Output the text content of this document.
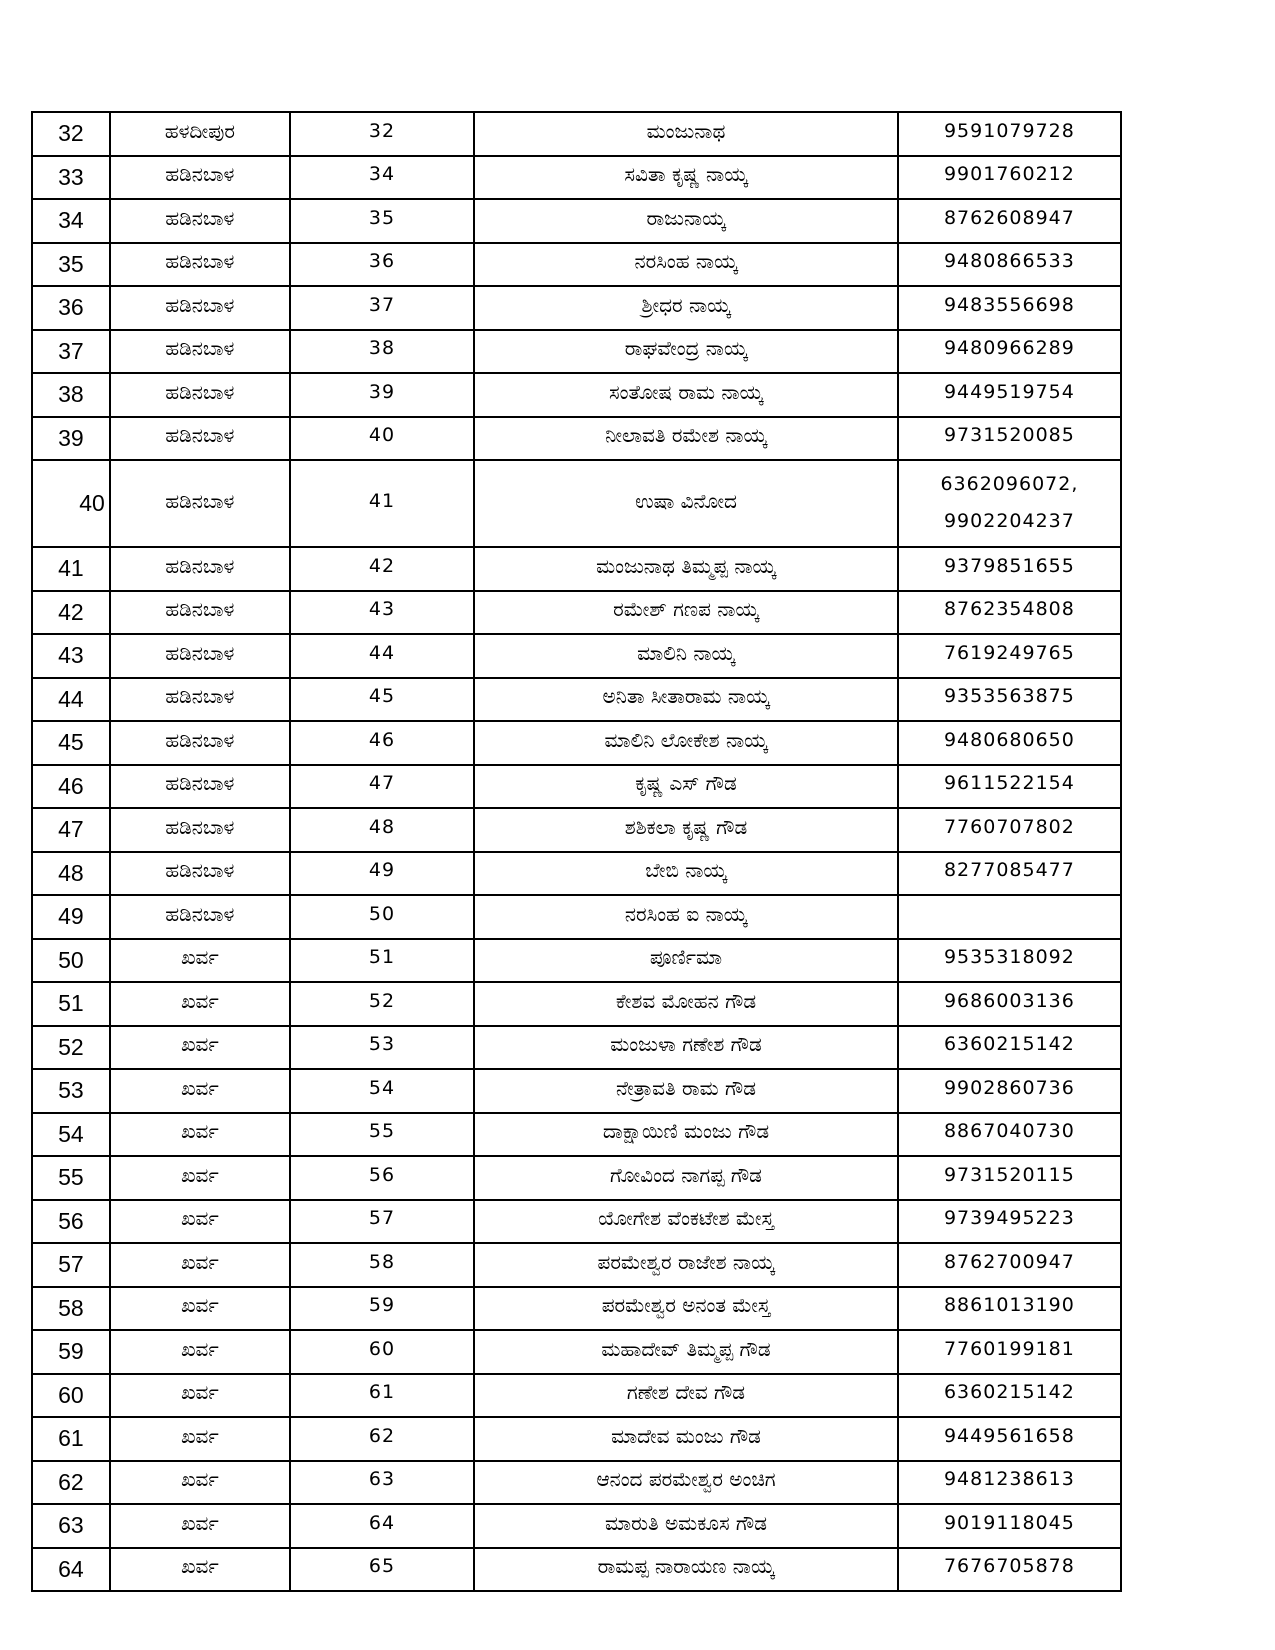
32	ಹಳದೀಪುರ	32	ಮಂಜುನಾಥ	9591079728
33	ಹಡಿನಬಾಳ	34	ಸವಿತಾ ಕೃಷ್ಣ ನಾಯ್ಕ	9901760212
34	ಹಡಿನಬಾಳ	35	ರಾಜುನಾಯ್ಕ	8762608947
35	ಹಡಿನಬಾಳ	36	ನರಸಿಂಹ ನಾಯ್ಕ	9480866533
36	ಹಡಿನಬಾಳ	37	ಶ್ರೀಧರ ನಾಯ್ಕ	9483556698
37	ಹಡಿನಬಾಳ	38	ರಾಘವೇಂದ್ರ ನಾಯ್ಕ	9480966289
38	ಹಡಿನಬಾಳ	39	ಸಂತೋಷ ರಾಮ ನಾಯ್ಕ	9449519754
39	ಹಡಿನಬಾಳ	40	ನೀಲಾವತಿ ರಮೇಶ ನಾಯ್ಕ	9731520085
40	ಹಡಿನಬಾಳ	41	ಉಷಾ ವಿನೋದ	6362096072,
9902204237
41	ಹಡಿನಬಾಳ	42	ಮಂಜುನಾಥ ತಿಮ್ಮಪ್ಪ ನಾಯ್ಕ	9379851655
42	ಹಡಿನಬಾಳ	43	ರಮೇಶ್ ಗಣಪ ನಾಯ್ಕ	8762354808
43	ಹಡಿನಬಾಳ	44	ಮಾಲಿನಿ ನಾಯ್ಕ	7619249765
44	ಹಡಿನಬಾಳ	45	ಅನಿತಾ ಸೀತಾರಾಮ ನಾಯ್ಕ	9353563875
45	ಹಡಿನಬಾಳ	46	ಮಾಲಿನಿ ಲೋಕೇಶ ನಾಯ್ಕ	9480680650
46	ಹಡಿನಬಾಳ	47	ಕೃಷ್ಣ ಎಸ್ ಗೌಡ	9611522154
47	ಹಡಿನಬಾಳ	48	ಶಶಿಕಲಾ ಕೃಷ್ಣ ಗೌಡ	7760707802
48	ಹಡಿನಬಾಳ	49	ಬೇಬಿ ನಾಯ್ಕ	8277085477
49	ಹಡಿನಬಾಳ	50	ನರಸಿಂಹ ಐ ನಾಯ್ಕ	
50	ಖರ್ವ	51	ಪೂರ್ಣಿಮಾ	9535318092
51	ಖರ್ವ	52	ಕೇಶವ ಮೋಹನ ಗೌಡ	9686003136
52	ಖರ್ವ	53	ಮಂಜುಳಾ ಗಣೇಶ ಗೌಡ	6360215142
53	ಖರ್ವ	54	ನೇತ್ರಾವತಿ ರಾಮ ಗೌಡ	9902860736
54	ಖರ್ವ	55	ದಾಕ್ಷಾಯಿಣಿ ಮಂಜು ಗೌಡ	8867040730
55	ಖರ್ವ	56	ಗೋವಿಂದ ನಾಗಪ್ಪ ಗೌಡ	9731520115
56	ಖರ್ವ	57	ಯೋಗೇಶ ವೆಂಕಟೇಶ ಮೇಸ್ತ	9739495223
57	ಖರ್ವ	58	ಪರಮೇಶ್ವರ ರಾಜೇಶ ನಾಯ್ಕ	8762700947
58	ಖರ್ವ	59	ಪರಮೇಶ್ವರ ಅನಂತ ಮೇಸ್ತ	8861013190
59	ಖರ್ವ	60	ಮಹಾದೇವ್ ತಿಮ್ಮಪ್ಪ ಗೌಡ	7760199181
60	ಖರ್ವ	61	ಗಣೇಶ ದೇವ ಗೌಡ	6360215142
61	ಖರ್ವ	62	ಮಾದೇವ ಮಂಜು ಗೌಡ	9449561658
62	ಖರ್ವ	63	ಆನಂದ ಪರಮೇಶ್ವರ ಅಂಚಿಗ	9481238613
63	ಖರ್ವ	64	ಮಾರುತಿ ಅಮಕೂಸ ಗೌಡ	9019118045
64	ಖರ್ವ	65	ರಾಮಪ್ಪ ನಾರಾಯಣ ನಾಯ್ಕ	7676705878
